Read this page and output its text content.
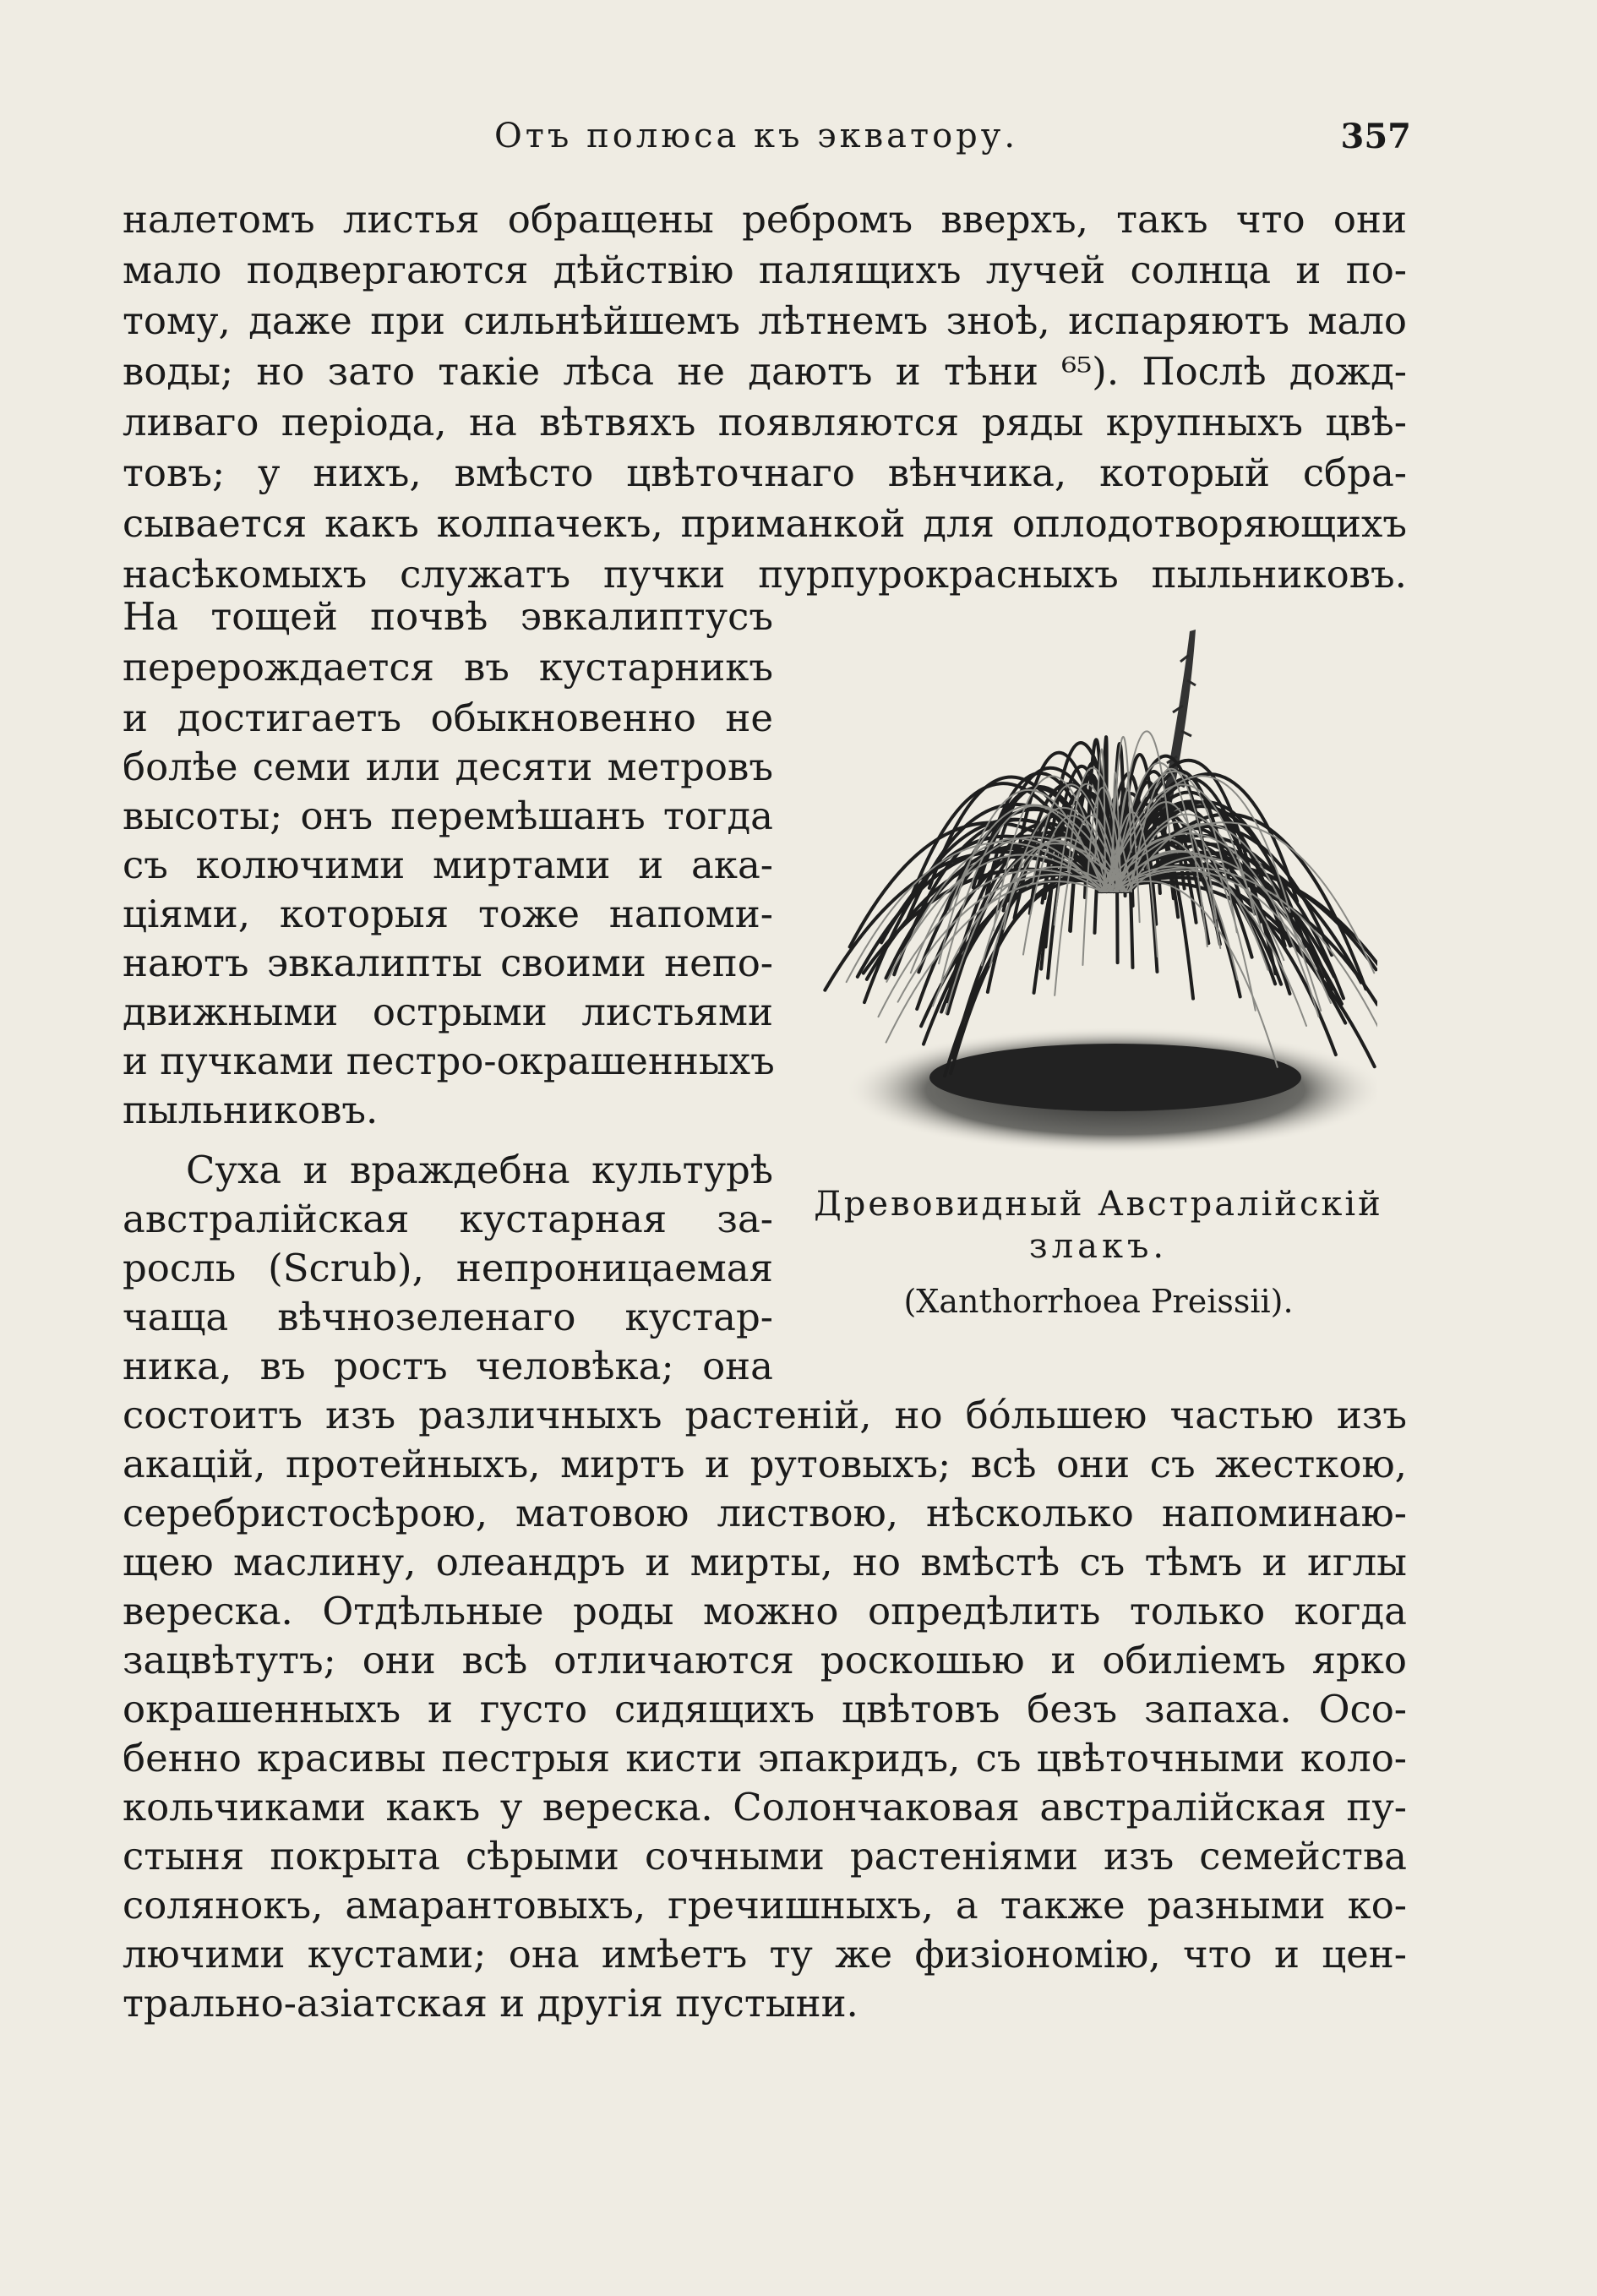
Отъ полюса къ экватору.	357
налетомъ листья обращены ребромъ вверхъ, такъ что они
мало подвергаются дѣйствію палящихъ лучей солнца и по-
тому, даже при сильнѣйшемъ лѣтнемъ зноѣ, испаряютъ мало
воды; но зато такіе лѣса не даютъ и тѣни ⁶⁵). Послѣ дожд-
ливаго періода, на вѣтвяхъ появляются ряды крупныхъ цвѣ-
товъ; у нихъ, вмѣсто цвѣточнаго вѣнчика, который сбра-
сывается какъ колпачекъ, приманкой для оплодотворяющихъ
насѣкомыхъ служатъ пучки пурпурокрасныхъ пыльниковъ.
На тощей почвѣ эвкалиптусъ
перерождается въ кустарникъ
и достигаетъ обыкновенно не
болѣе семи или десяти метровъ
высоты; онъ перемѣшанъ тогда
съ колючими миртами и ака-
ціями, которыя тоже напоми-
наютъ эвкалипты своими непо-
движными острыми листьями
и пучками пестро-окрашенныхъ
пыльниковъ.
Суха и враждебна культурѣ
австралійская кустарная за-
росль (Scrub), непроницаемая
чаща вѣчнозеленаго кустар-
ника, въ ростъ человѣка; она
состоитъ изъ различныхъ растеній, но бо́льшею частью изъ
акацій, протейныхъ, миртъ и рутовыхъ; всѣ они съ жесткою,
серебристосѣрою, матовою листвою, нѣсколько напоминаю-
щею маслину, олеандръ и мирты, но вмѣстѣ съ тѣмъ и иглы
вереска. Отдѣльные роды можно опредѣлить только когда
зацвѣтутъ; они всѣ отличаются роскошью и обиліемъ ярко
окрашенныхъ и густо сидящихъ цвѣтовъ безъ запаха. Осо-
бенно красивы пестрыя кисти эпакридъ, съ цвѣточными коло-
кольчиками какъ у вереска. Солончаковая австралійская пу-
стыня покрыта сѣрыми сочными растеніями изъ семейства
солянокъ, амарантовыхъ, гречишныхъ, а также разными ко-
лючими кустами; она имѣетъ ту же физіономію, что и цен-
трально-азіатская и другія пустыни.
Древовидный Австралійскій
злакъ.
(Xanthorrhoea Preissii).
